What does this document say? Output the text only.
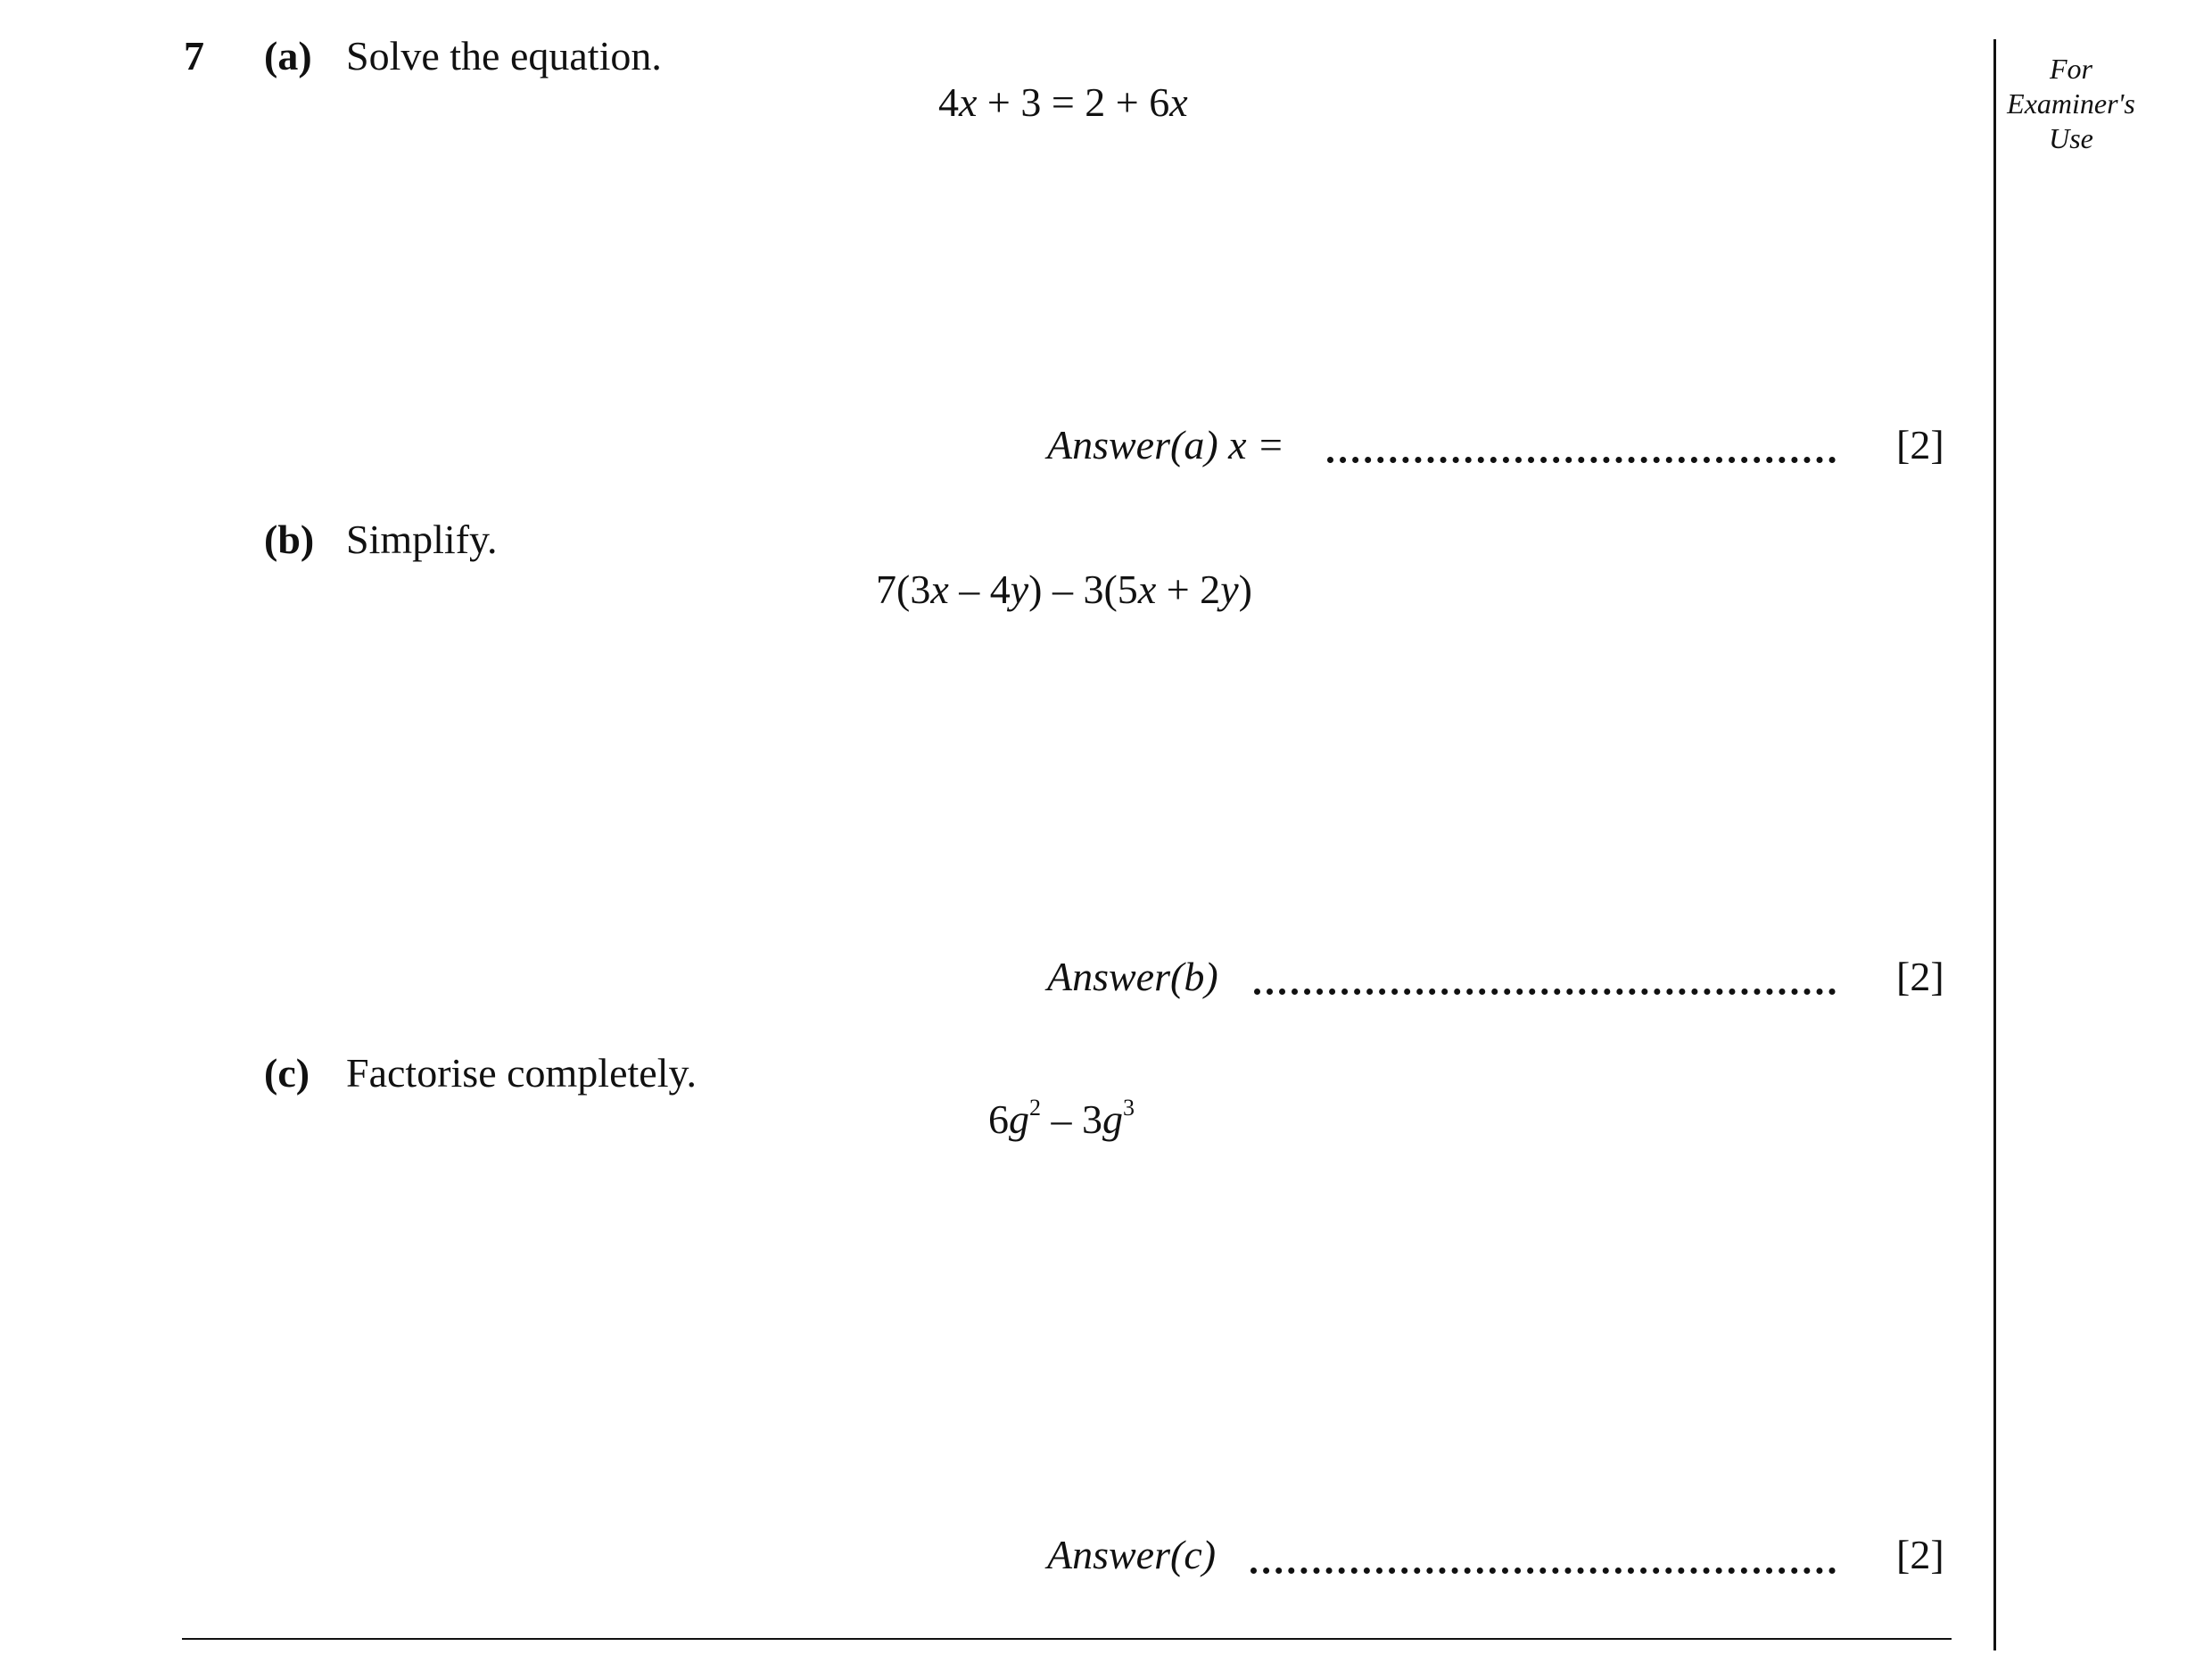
7 (a) Solve the equation.
4x + 3 = 2 + 6x
Answer(a) x =	[2]
(b) Simplify.
7(3x – 4y) – 3(5x + 2y)
Answer(b)	[2]
(c) Factorise completely.
$6g^2 - 3g^3$
Answer(c)	[2]
For
Examiner's
Use
